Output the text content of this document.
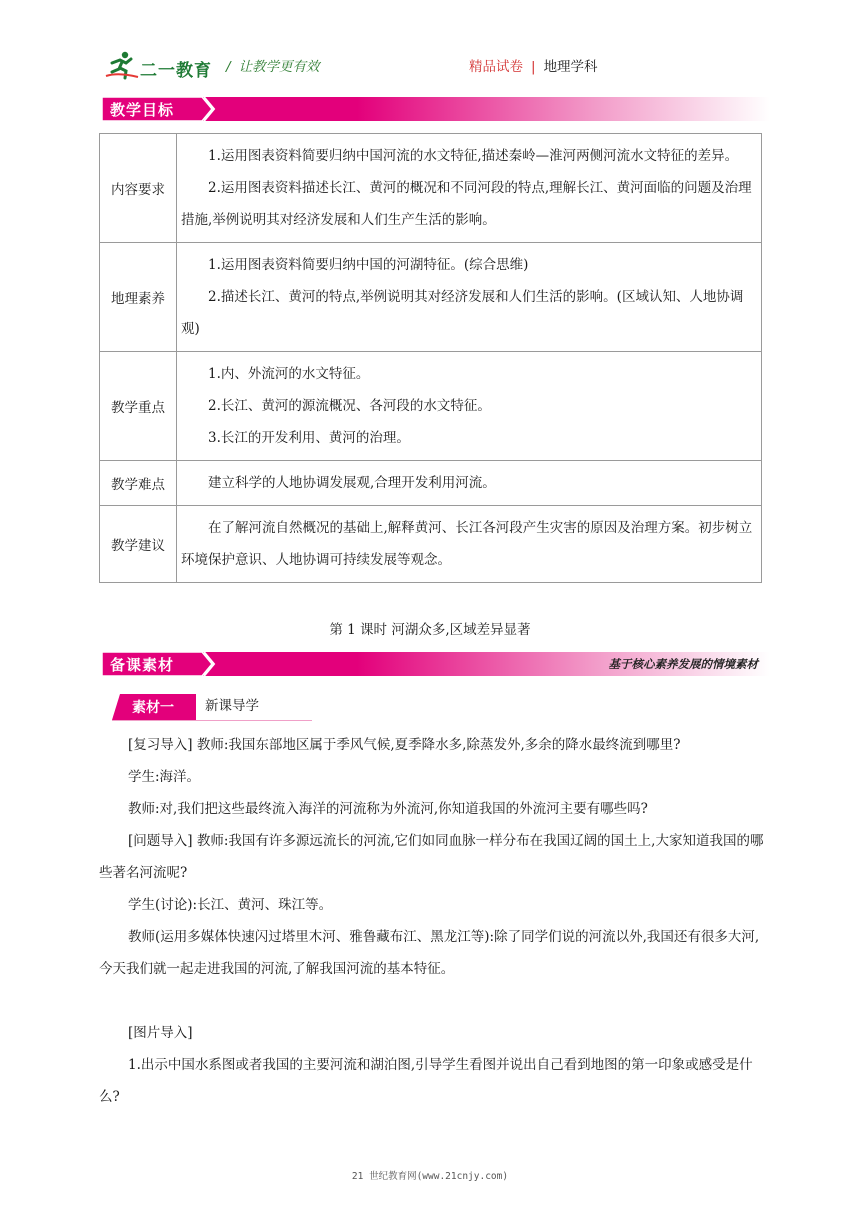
二一教育 / 让教学更有效	精品试卷 | 地理学科
教学目标
内容要求	1.运用图表资料简要归纳中国河流的水文特征,描述秦岭—淮河两侧河流水文特征的差异。

2.运用图表资料描述长江、黄河的概况和不同河段的特点,理解长江、黄河面临的问题及治理措施,举例说明其对经济发展和人们生产生活的影响。

地理素养	1.运用图表资料简要归纳中国的河湖特征。(综合思维)

2.描述长江、黄河的特点,举例说明其对经济发展和人们生活的影响。(区域认知、人地协调观)

教学重点	1.内、外流河的水文特征。

2.长江、黄河的源流概况、各河段的水文特征。

3.长江的开发利用、黄河的治理。

教学难点	建立科学的人地协调发展观,合理开发利用河流。

教学建议	在了解河流自然概况的基础上,解释黄河、长江各河段产生灾害的原因及治理方案。初步树立环境保护意识、人地协调可持续发展等观念。

第 1 课时 河湖众多,区域差异显著
备课素材	基于核心素养发展的情境素材
素材一 新课导学

[复习导入] 教师:我国东部地区属于季风气候,夏季降水多,除蒸发外,多余的降水最终流到哪里?

学生:海洋。

教师:对,我们把这些最终流入海洋的河流称为外流河,你知道我国的外流河主要有哪些吗?

[问题导入] 教师:我国有许多源远流长的河流,它们如同血脉一样分布在我国辽阔的国土上,大家知道我国的哪些著名河流呢?

学生(讨论):长江、黄河、珠江等。

教师(运用多媒体快速闪过塔里木河、雅鲁藏布江、黑龙江等):除了同学们说的河流以外,我国还有很多大河,今天我们就一起走进我国的河流,了解我国河流的基本特征。

[图片导入]

1.出示中国水系图或者我国的主要河流和湖泊图,引导学生看图并说出自己看到地图的第一印象或感受是什么?

21 世纪教育网(www.21cnjy.com)
